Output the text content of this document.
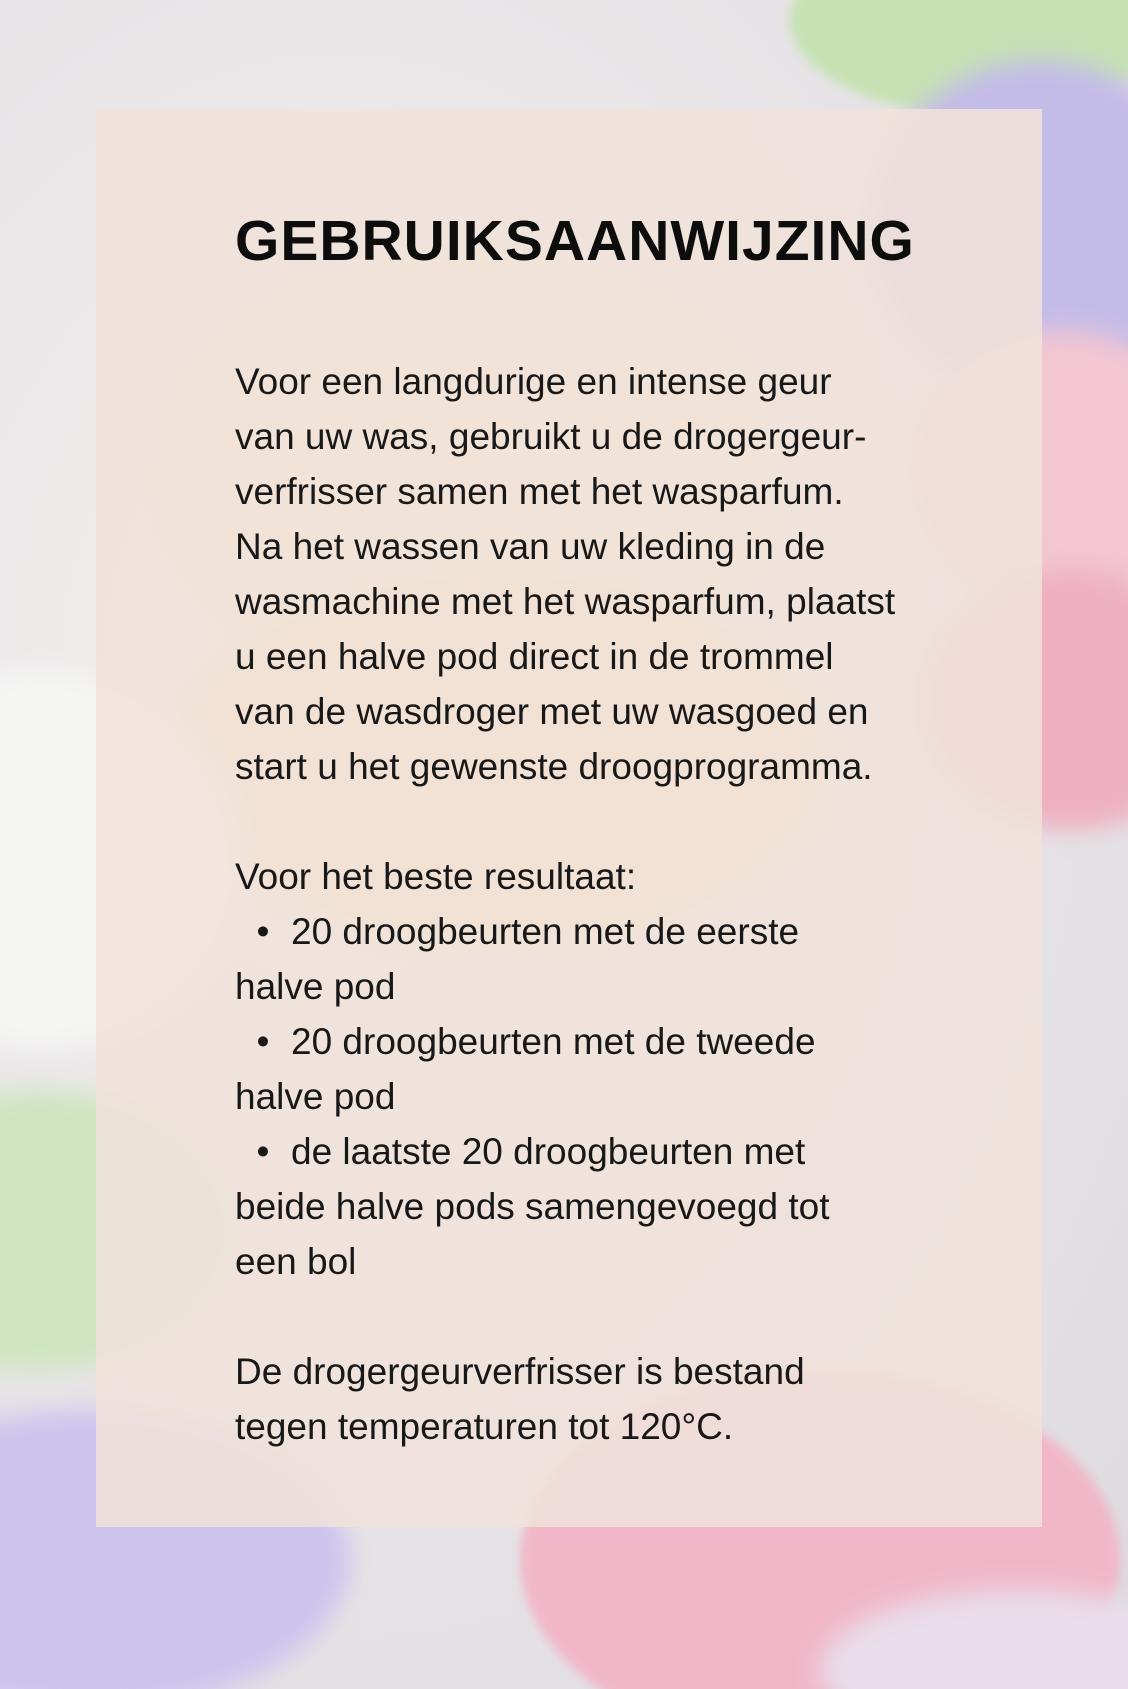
GEBRUIKSAANWIJZING
Voor een langdurige en intense geur
van uw was, gebruikt u de drogergeur-
verfrisser samen met het wasparfum.
Na het wassen van uw kleding in de
wasmachine met het wasparfum, plaatst
u een halve pod direct in de trommel
van de wasdroger met uw wasgoed en
start u het gewenste droogprogramma.
Voor het beste resultaat:
• 20 droogbeurten met de eerste
halve pod
• 20 droogbeurten met de tweede
halve pod
• de laatste 20 droogbeurten met
beide halve pods samengevoegd tot
een bol
De drogergeurverfrisser is bestand
tegen temperaturen tot 120°C.
